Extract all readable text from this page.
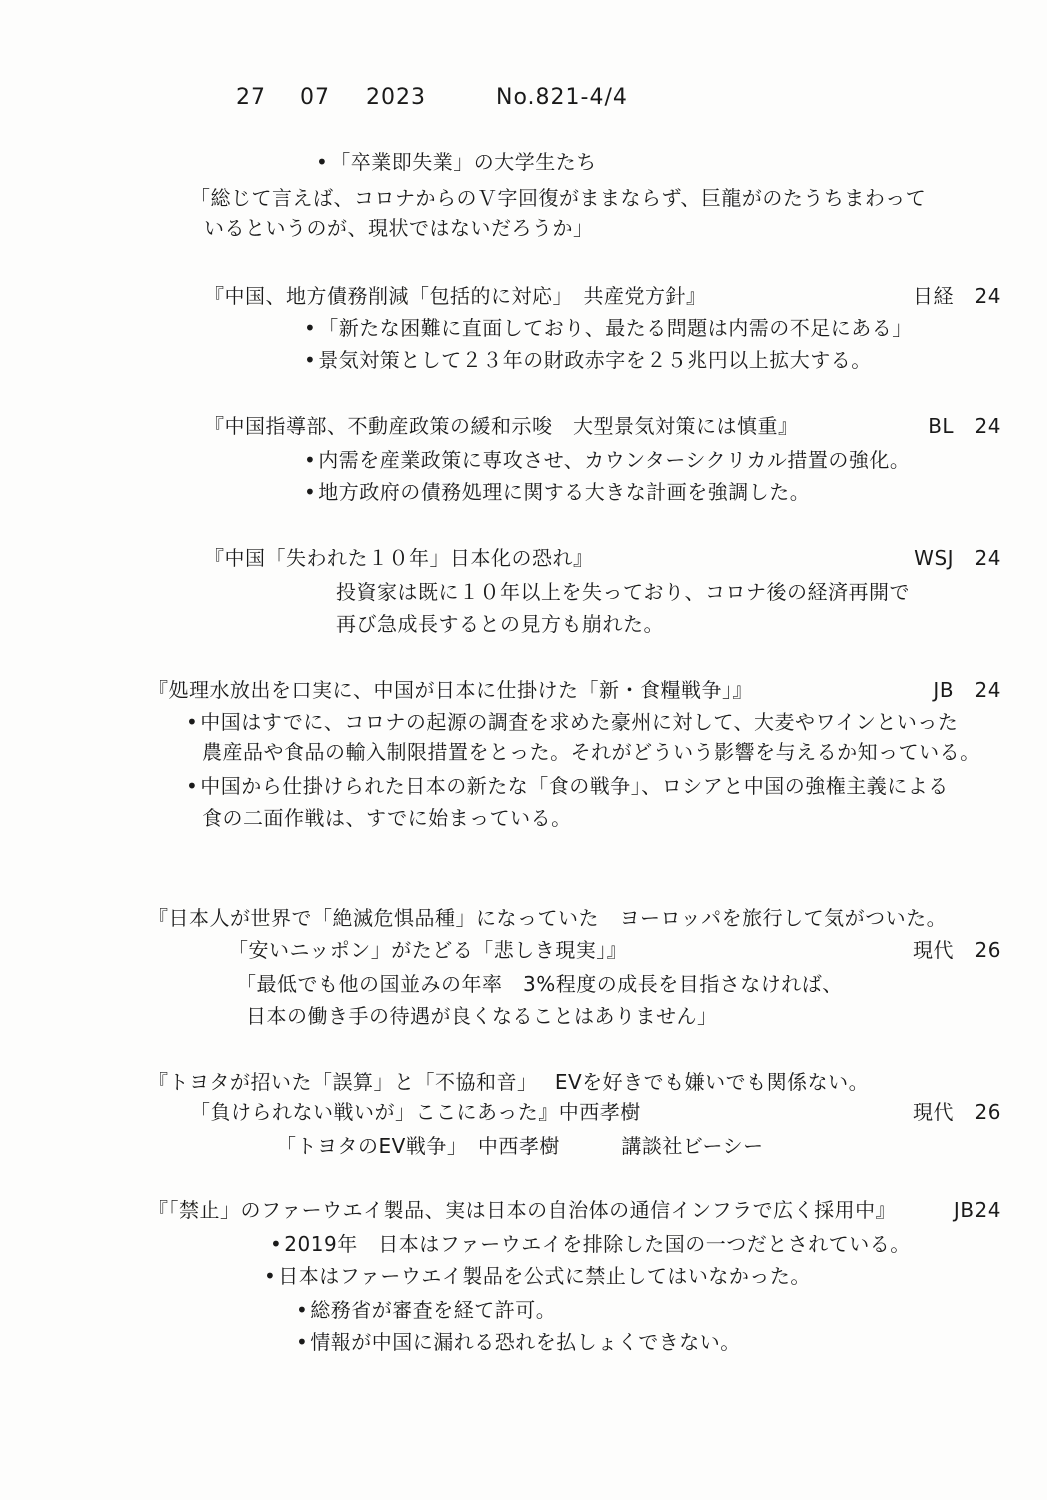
27 07 2023	No.821-4/4
• 「卒業即失業」の大学生たち
「総じて言えば、コロナからのＶ字回復がままならず、巨龍がのたうちまわって
いるというのが、現状ではないだろうか」
『中国、地方債務削減「包括的に対応」　共産党方針』	日経　24
• 「新たな困難に直面しており、最たる問題は内需の不足にある」
• 景気対策として２３年の財政赤字を２５兆円以上拡大する。
『中国指導部、不動産政策の緩和示唆　大型景気対策には慎重』	BL　24
• 内需を産業政策に専攻させ、カウンターシクリカル措置の強化。
• 地方政府の債務処理に関する大きな計画を強調した。
『中国「失われた１０年」日本化の恐れ』	WSJ　24
投資家は既に１０年以上を失っており、コロナ後の経済再開で
再び急成長するとの見方も崩れた。
『処理水放出を口実に、中国が日本に仕掛けた「新・食糧戦争」』	JB　24
• 中国はすでに、コロナの起源の調査を求めた豪州に対して、大麦やワインといった
農産品や食品の輸入制限措置をとった。それがどういう影響を与えるか知っている。
• 中国から仕掛けられた日本の新たな「食の戦争」、ロシアと中国の強権主義による
食の二面作戦は、すでに始まっている。
『日本人が世界で「絶滅危惧品種」になっていた　ヨーロッパを旅行して気がついた。
「安いニッポン」がたどる「悲しき現実」』	現代　26
「最低でも他の国並みの年率　3%程度の成長を目指さなければ、
日本の働き手の待遇が良くなることはありません」
『トヨタが招いた「誤算」と「不協和音」　 EVを好きでも嫌いでも関係ない。
「負けられない戦いが」ここにあった』中西孝樹	現代　26
「トヨタのEV戦争」　中西孝樹　　　講談社ビーシー
『「禁止」のファーウエイ製品、実は日本の自治体の通信インフラで広く採用中』	JB24
• 2019年　日本はファーウエイを排除した国の一つだとされている。
• 日本はファーウエイ製品を公式に禁止してはいなかった。
• 総務省が審査を経て許可。
• 情報が中国に漏れる恐れを払しょくできない。
